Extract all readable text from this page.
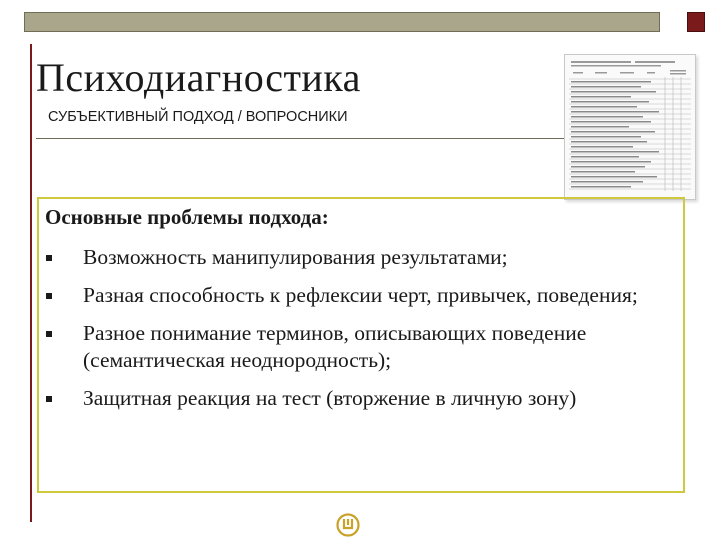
Психодиагностика
СУБЪЕКТИВНЫЙ ПОДХОД / ВОПРОСНИКИ
Основные проблемы подхода:
Возможность манипулирования результатами;
Разная способность к рефлексии черт, привычек, поведения;
Разное понимание терминов, описывающих поведение (семантическая неоднородность);
Защитная реакция на тест (вторжение в личную зону)
